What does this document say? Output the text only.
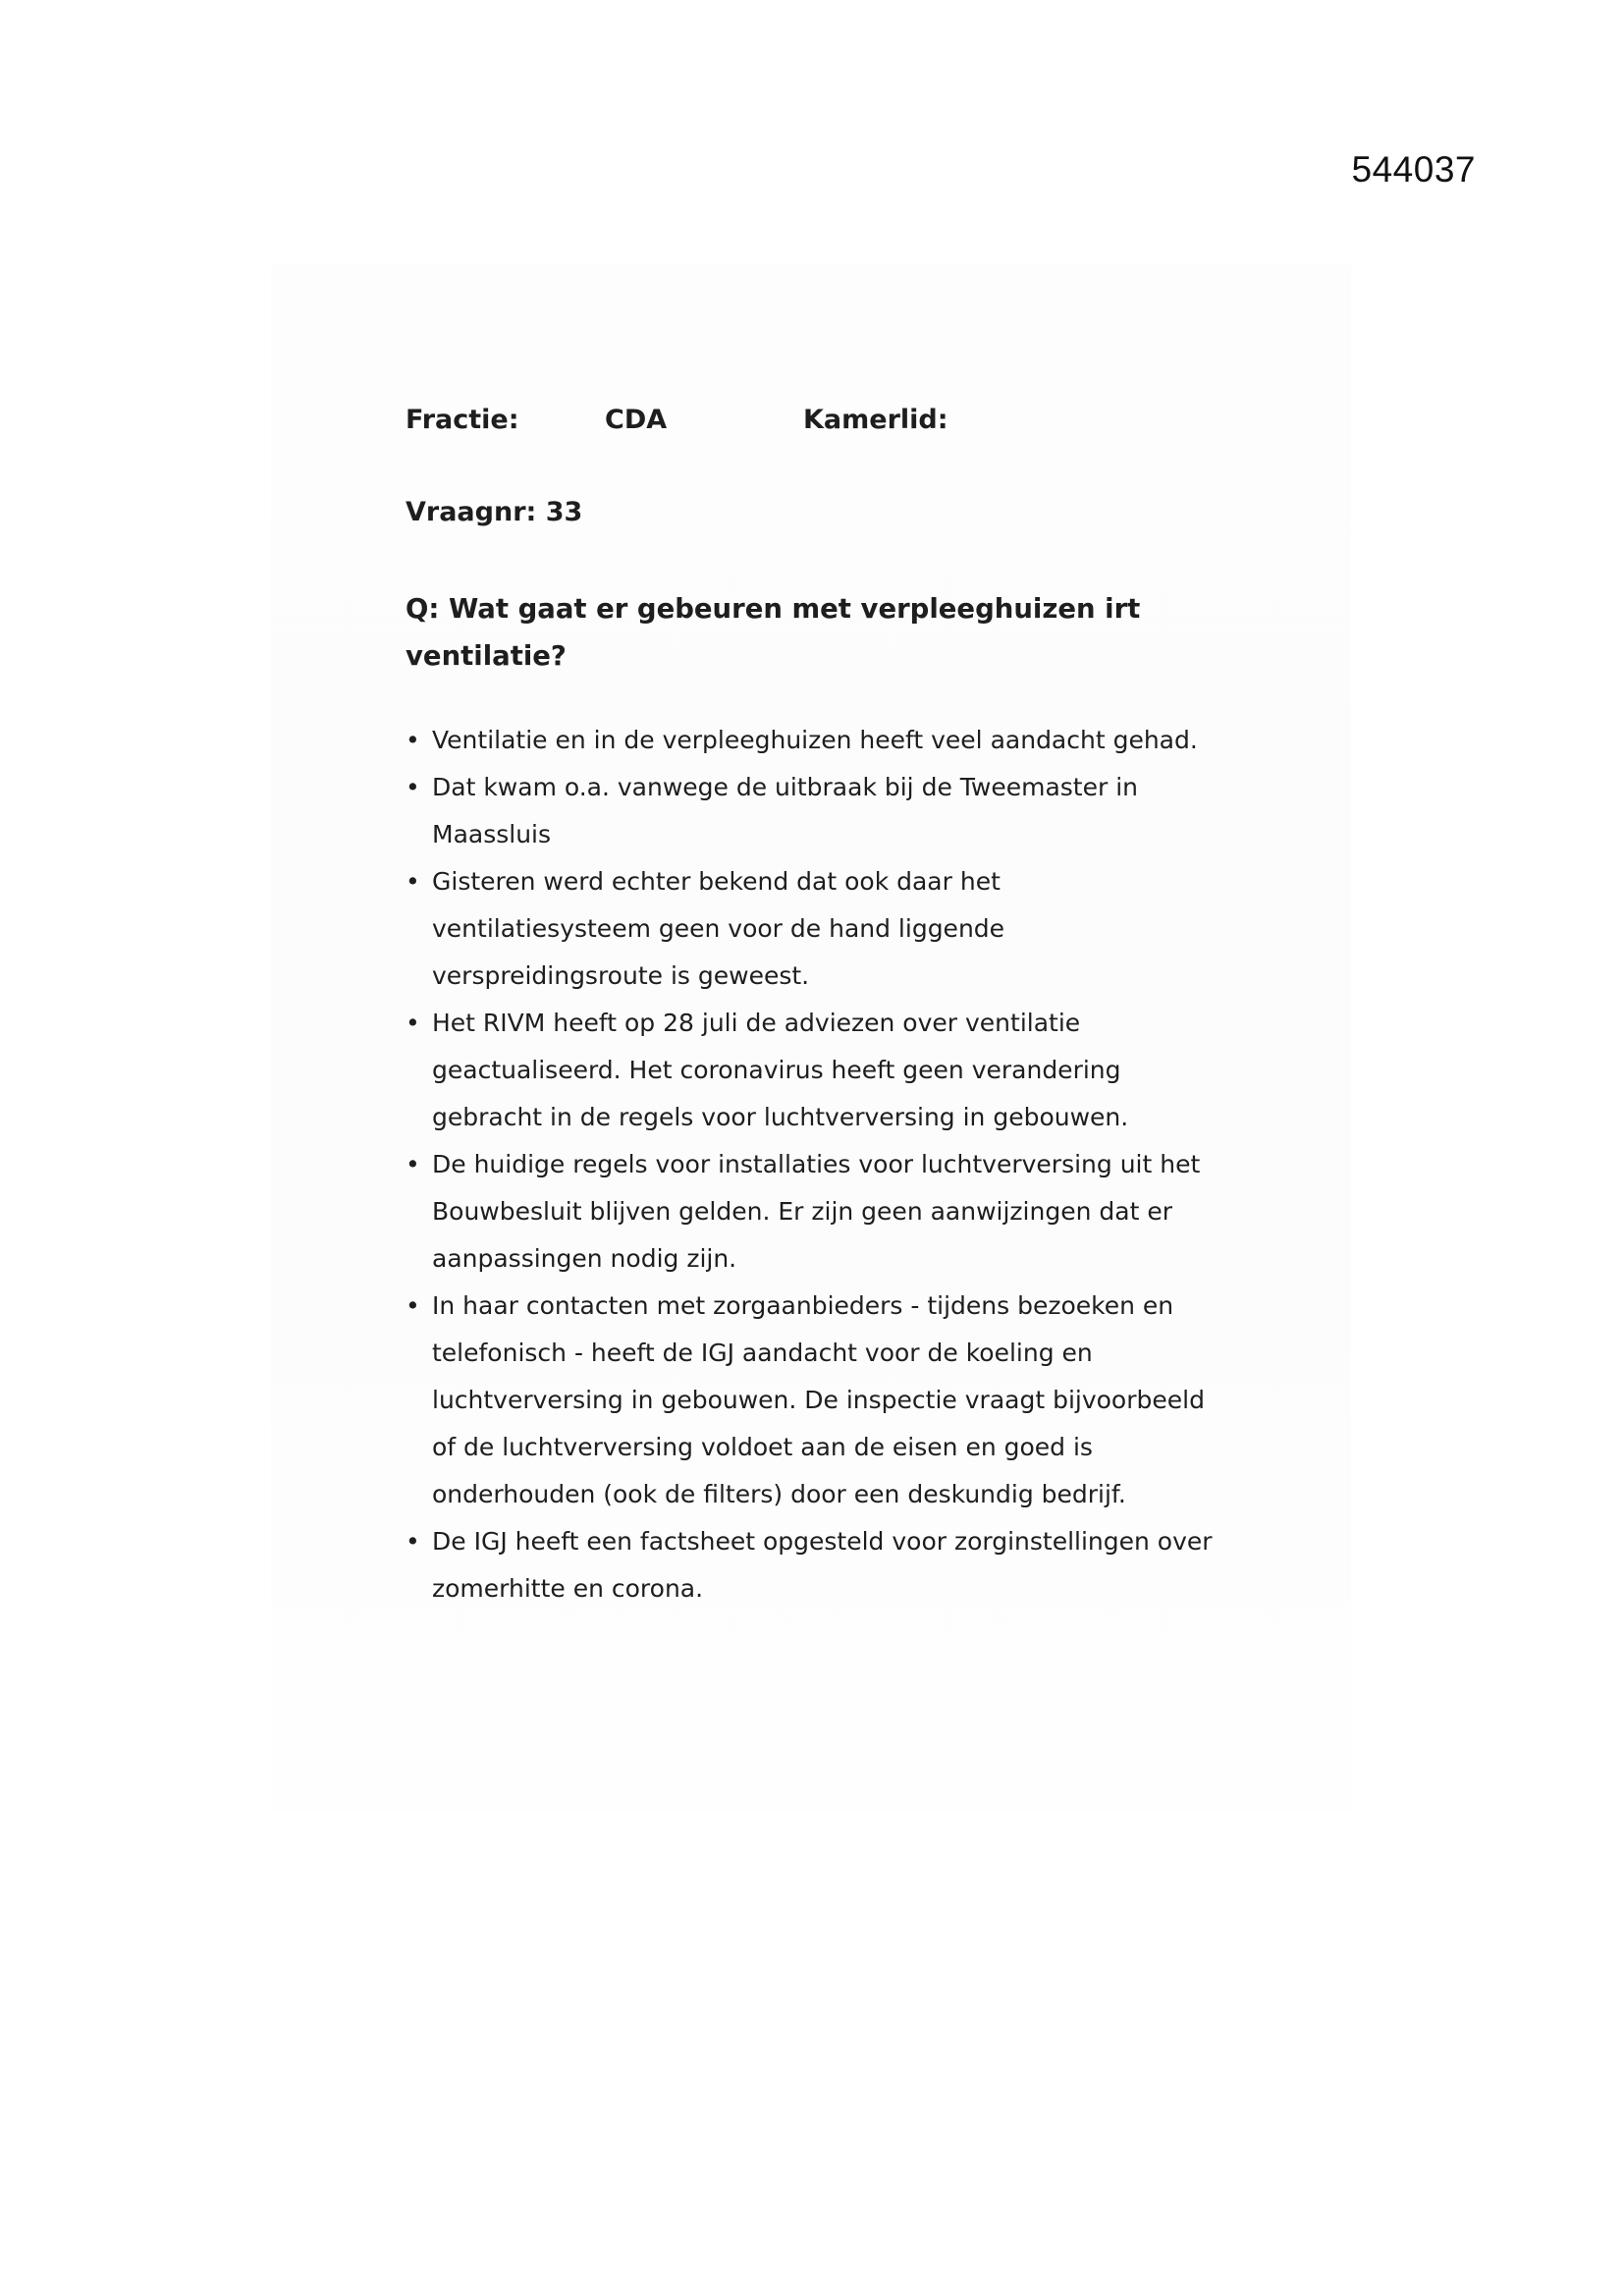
544037
Fractie:	CDA	Kamerlid:
Vraagnr: 33
Q: Wat gaat er gebeuren met verpleeghuizen irt ventilatie?
• Ventilatie en in de verpleeghuizen heeft veel aandacht gehad.
• Dat kwam o.a. vanwege de uitbraak bij de Tweemaster in Maassluis
• Gisteren werd echter bekend dat ook daar het ventilatiesysteem geen voor de hand liggende verspreidingsroute is geweest.
• Het RIVM heeft op 28 juli de adviezen over ventilatie geactualiseerd. Het coronavirus heeft geen verandering gebracht in de regels voor luchtverversing in gebouwen.
• De huidige regels voor installaties voor luchtverversing uit het Bouwbesluit blijven gelden. Er zijn geen aanwijzingen dat er aanpassingen nodig zijn.
• In haar contacten met zorgaanbieders - tijdens bezoeken en telefonisch - heeft de IGJ aandacht voor de koeling en luchtverversing in gebouwen. De inspectie vraagt bijvoorbeeld of de luchtverversing voldoet aan de eisen en goed is onderhouden (ook de filters) door een deskundig bedrijf.
• De IGJ heeft een factsheet opgesteld voor zorginstellingen over zomerhitte en corona.
